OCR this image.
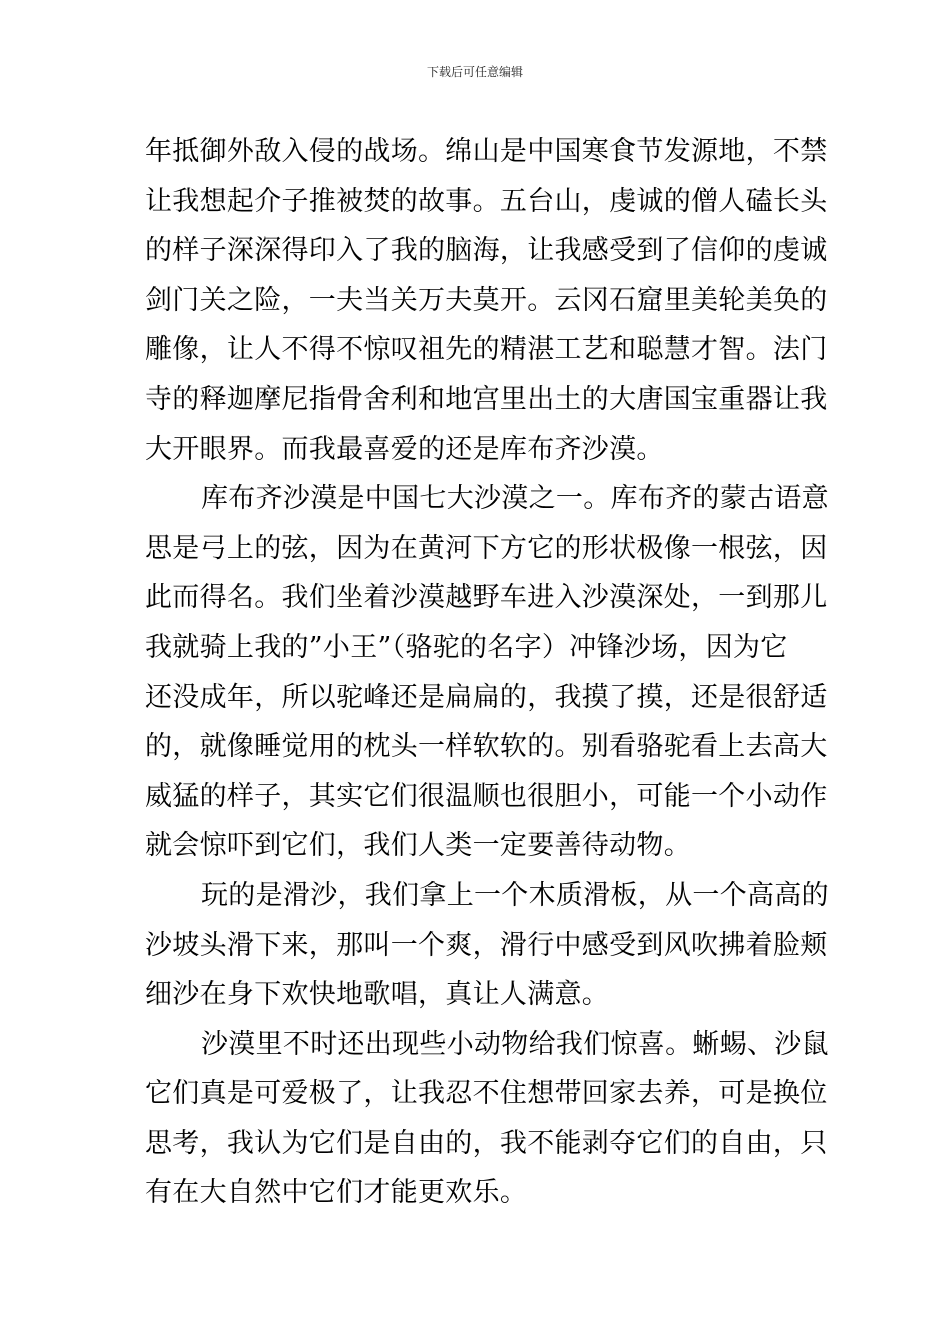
下载后可任意编辑
年抵御外敌入侵的战场。绵山是中国寒食节发源地，不禁
让我想起介子推被焚的故事。五台山，虔诚的僧人磕长头
的样子深深得印入了我的脑海，让我感受到了信仰的虔诚
剑门关之险，一夫当关万夫莫开。云冈石窟里美轮美奂的
雕像，让人不得不惊叹祖先的精湛工艺和聪慧才智。法门
寺的释迦摩尼指骨舍利和地宫里出土的大唐国宝重器让我
大开眼界。而我最喜爱的还是库布齐沙漠。
库布齐沙漠是中国七大沙漠之一。库布齐的蒙古语意
思是弓上的弦，因为在黄河下方它的形状极像一根弦，因
此而得名。我们坐着沙漠越野车进入沙漠深处，一到那儿
我就骑上我的”小王”（骆驼的名字）冲锋沙场，因为它
还没成年，所以驼峰还是扁扁的，我摸了摸，还是很舒适
的，就像睡觉用的枕头一样软软的。别看骆驼看上去高大
威猛的样子，其实它们很温顺也很胆小，可能一个小动作
就会惊吓到它们，我们人类一定要善待动物。
玩的是滑沙，我们拿上一个木质滑板，从一个高高的
沙坡头滑下来，那叫一个爽，滑行中感受到风吹拂着脸颊
细沙在身下欢快地歌唱，真让人满意。
沙漠里不时还出现些小动物给我们惊喜。蜥蜴、沙鼠
它们真是可爱极了，让我忍不住想带回家去养，可是换位
思考，我认为它们是自由的，我不能剥夺它们的自由，只
有在大自然中它们才能更欢乐。
